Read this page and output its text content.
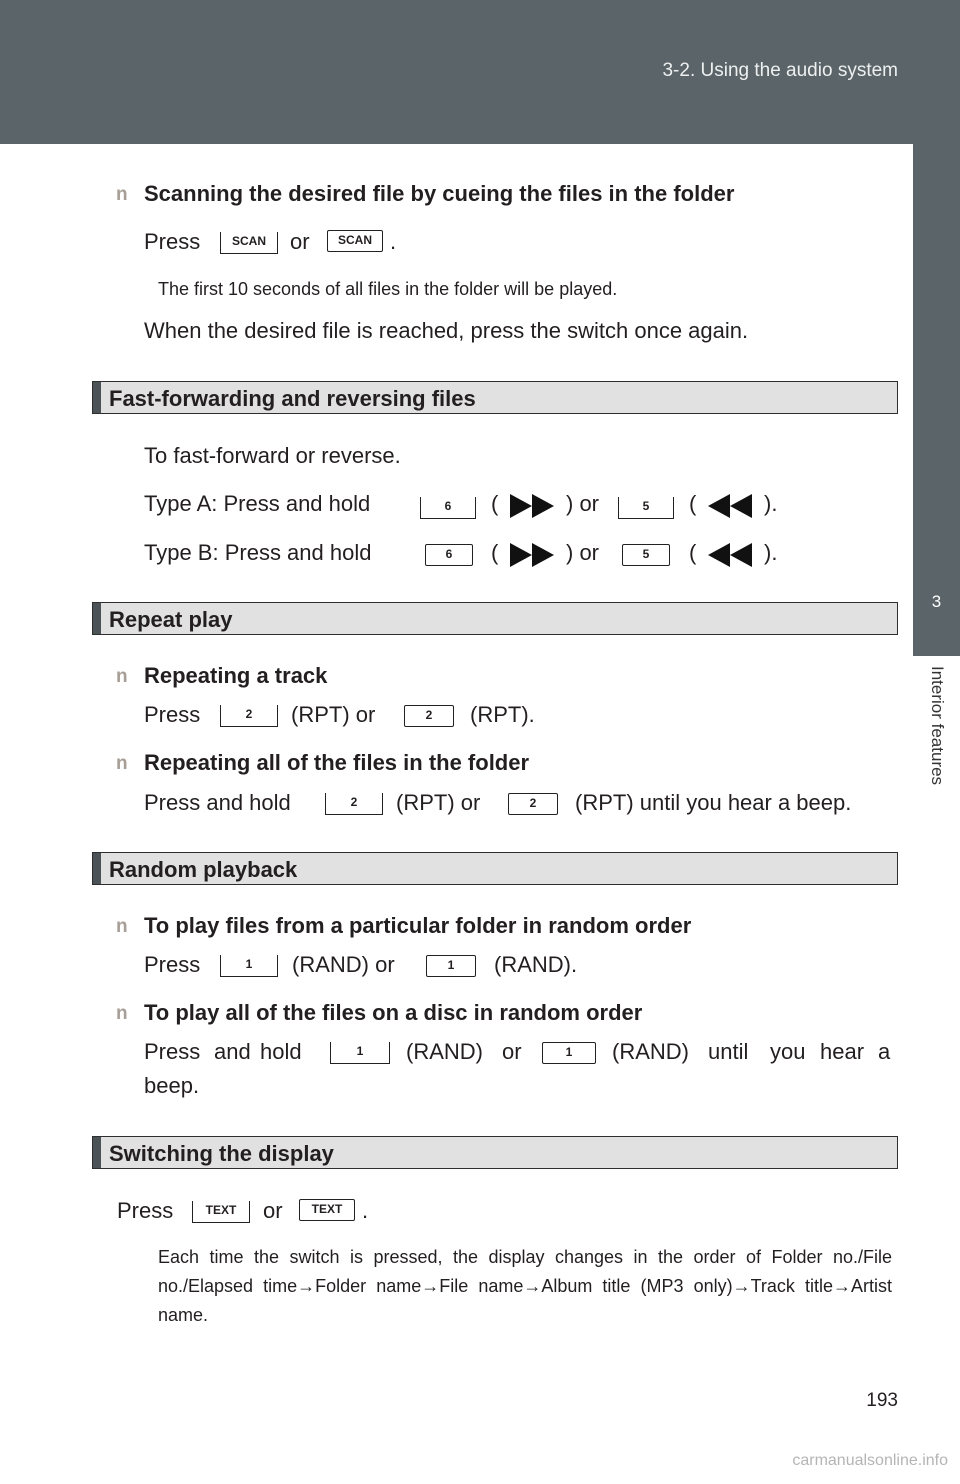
3-2. Using the audio system
3
Interior features
n Scanning the desired file by cueing the files in the folder
Press	SCAN	or	SCAN .
The first 10 seconds of all files in the folder will be played.
When the desired file is reached, press the switch once again.
Fast-forwarding and reversing files
To fast-forward or reverse.
Type A: Press and hold	6	(	) or	5	(	).
Type B: Press and hold	6	(	) or	5	(	).
Repeat play
n Repeating a track
Press	2	(RPT) or	2	(RPT).
n Repeating all of the files in the folder
Press and hold	2	(RPT) or	2	(RPT) until you hear a beep.
Random playback
n To play files from a particular folder in random order
Press	1	(RAND) or	1	(RAND).
n To play all of the files on a disc in random order
Press and hold	1	(RAND) or	1	(RAND) until you hear a
beep.
Switching the display
Press	TEXT	or	TEXT .
Each time the switch is pressed, the display changes in the order of Folder no./File no./Elapsed time→Folder name→File name→Album title (MP3 only)→Track title→Artist name.
193
carmanualsonline.info
